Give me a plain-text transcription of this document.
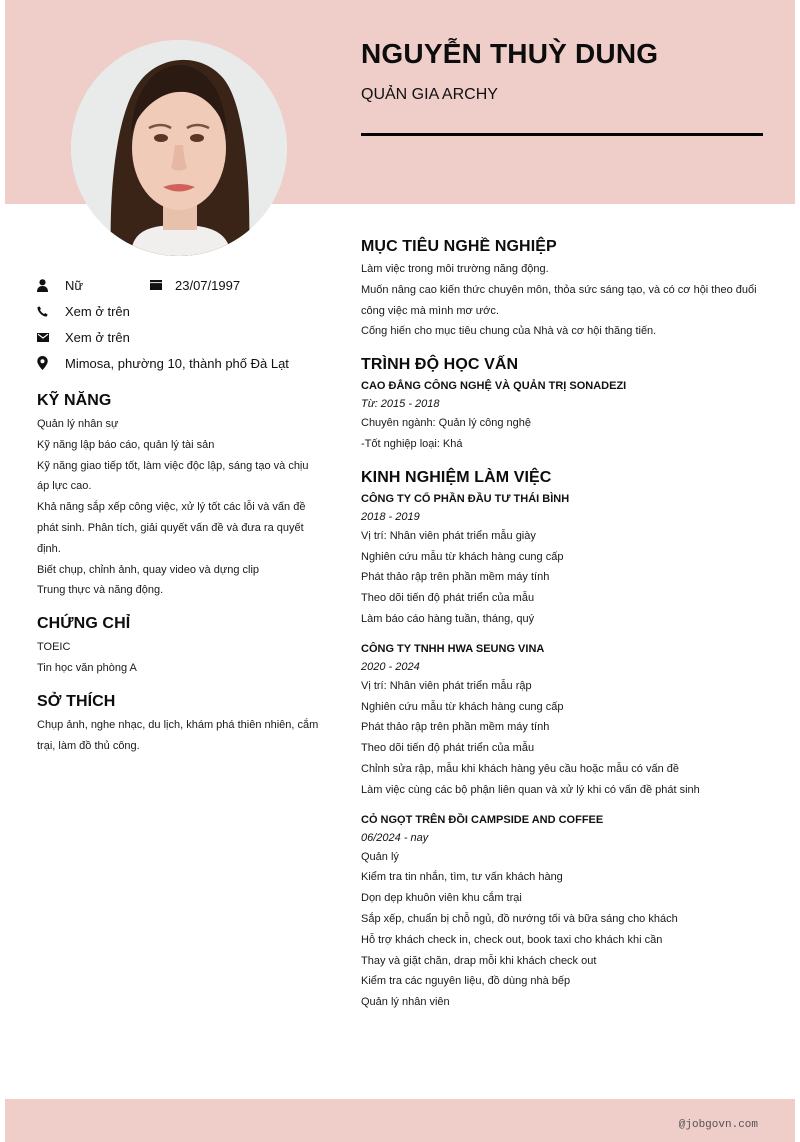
NGUYỄN THUỲ DUNG
QUẢN GIA ARCHY
Nữ	23/07/1997
Xem ở trên
Xem ở trên
Mimosa, phường 10, thành phố Đà Lạt
KỸ NĂNG
Quản lý nhân sự
Kỹ năng lập báo cáo, quản lý tài sản
Kỹ năng giao tiếp tốt, làm việc độc lập, sáng tạo và chịu
áp lực cao.
Khả năng sắp xếp công việc, xử lý tốt các lỗi và vấn đề
phát sinh. Phân tích, giải quyết vấn đề và đưa ra quyết
định.
Biết chụp, chỉnh ảnh, quay video và dựng clip
Trung thực và năng động.
CHỨNG CHỈ
TOEIC
Tin học văn phòng A
SỞ THÍCH
Chụp ảnh, nghe nhạc, du lịch, khám phá thiên nhiên, cắm
trại, làm đồ thủ công.
MỤC TIÊU NGHỀ NGHIỆP
Làm việc trong môi trường năng động.
Muốn nâng cao kiến thức chuyên môn, thỏa sức sáng tạo, và có cơ hội theo đuổi
công việc mà mình mơ ước.
Cống hiến cho mục tiêu chung của Nhà và cơ hội thăng tiến.
TRÌNH ĐỘ HỌC VẤN
CAO ĐẲNG CÔNG NGHỆ VÀ QUẢN TRỊ SONADEZI
Từ: 2015 - 2018
Chuyên ngành: Quản lý công nghệ
-Tốt nghiệp loại: Khá
KINH NGHIỆM LÀM VIỆC
CÔNG TY CỔ PHẦN ĐẦU TƯ THÁI BÌNH
2018 - 2019
Vị trí: Nhân viên phát triển mẫu giày
Nghiên cứu mẫu từ khách hàng cung cấp
Phát thảo rập trên phần mềm máy tính
Theo dõi tiến độ phát triển của mẫu
Làm báo cáo hàng tuần, tháng, quý
CÔNG TY TNHH HWA SEUNG VINA
2020 - 2024
Vị trí: Nhân viên phát triển mẫu rập
Nghiên cứu mẫu từ khách hàng cung cấp
Phát thảo rập trên phần mềm máy tính
Theo dõi tiến độ phát triển của mẫu
Chỉnh sửa rập, mẫu khi khách hàng yêu cầu hoặc mẫu có vấn đề
Làm việc cùng các bộ phận liên quan và xử lý khi có vấn đề phát sinh
CỎ NGỌT TRÊN ĐỒI CAMPSIDE AND COFFEE
06/2024 - nay
Quản lý
Kiểm tra tin nhắn, tìm, tư vấn khách hàng
Dọn dẹp khuôn viên khu cắm trại
Sắp xếp, chuẩn bị chỗ ngủ, đồ nướng tối và bữa sáng cho khách
Hỗ trợ khách check in, check out, book taxi cho khách khi cần
Thay và giặt chăn, drap mỗi khi khách check out
Kiểm tra các nguyên liệu, đồ dùng nhà bếp
Quản lý nhân viên
@jobgovn.com
